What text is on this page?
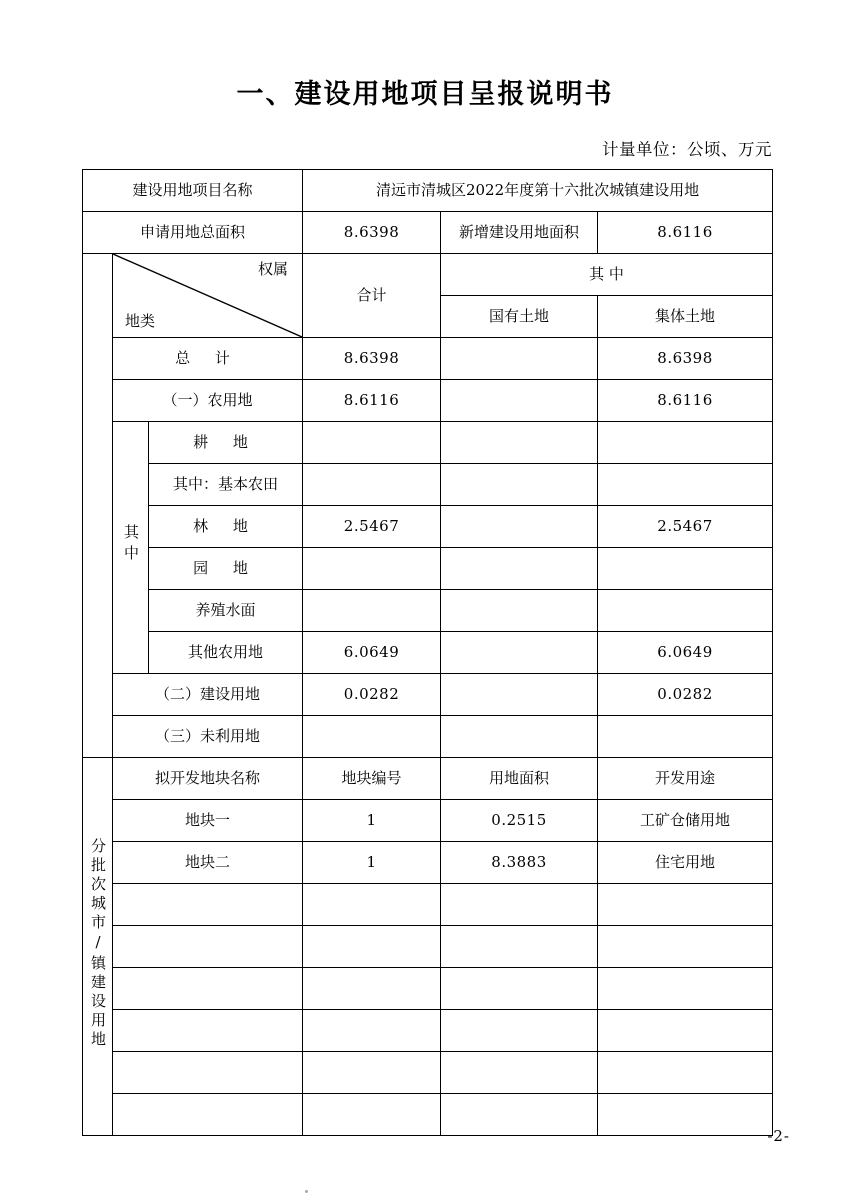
一、建设用地项目呈报说明书
计量单位：公顷、万元
建设用地项目名称			清远市清城区2022年度第十六批次城镇建设用地		
申请用地总面积			8.6398	新增建设用地面积	8.6116

	权属
地类		合计	其 中	
				国有土地	集体土地
	总 计		8.6398		8.6398
	（一）农用地		8.6116		8.6116
	其中	耕 地			
		其中：基本农田			
		林 地	2.5467		2.5467
		园 地			
		养殖水面			
		其他农用地	6.0649		6.0649
	（二）建设用地		0.0282		0.0282
	（三）未利用地				
分批次城市/镇建设用地	拟开发地块名称		地块编号	用地面积	开发用途
	地块一		1	0.2515	工矿仓储用地
	地块二		1	8.3883	住宅用地

-2-
